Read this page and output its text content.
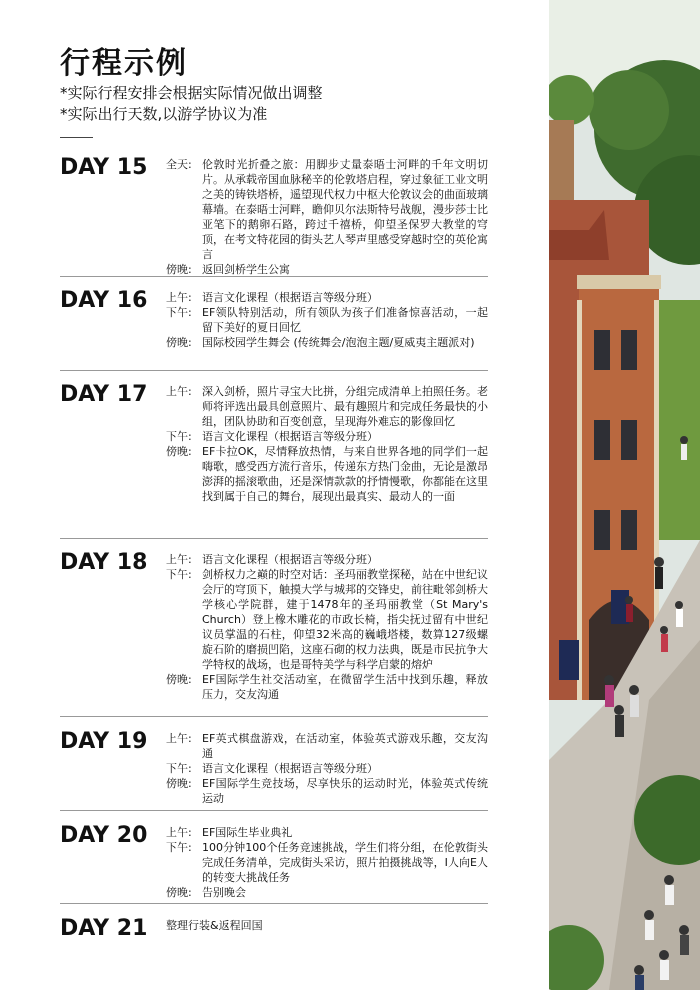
行程示例
*实际行程安排会根据实际情况做出调整
*实际出行天数,以游学协议为准
DAY 15 全天: 伦敦时光折叠之旅：用脚步丈量泰晤士河畔的千年文明切片。从承载帝国血脉秘辛的伦敦塔启程，穿过象征工业文明之美的铸铁塔桥，遥望现代权力中枢大伦敦议会的曲面玻璃幕墙。在泰晤士河畔，瞻仰贝尔法斯特号战舰，漫步莎士比亚笔下的鹅卵石路，跨过千禧桥，仰望圣保罗大教堂的穹顶，在考文特花园的街头艺人琴声里感受穿越时空的英伦寓言
傍晚: 返回剑桥学生公寓
DAY 16 上午: 语言文化课程（根据语言等级分班）
下午: EF领队特别活动，所有领队为孩子们准备惊喜活动，一起留下美好的夏日回忆
傍晚: 国际校园学生舞会 (传统舞会/泡泡主题/夏威夷主题派对)
DAY 17 上午: 深入剑桥，照片寻宝大比拼，分组完成清单上拍照任务。老师将评选出最具创意照片、最有趣照片和完成任务最快的小组，团队协助和百变创意，呈现海外难忘的影像回忆
下午: 语言文化课程（根据语言等级分班）
傍晚: EF卡拉OK，尽情释放热情，与来自世界各地的同学们一起嗨歌，感受西方流行音乐，传递东方热门金曲，无论是激昂澎湃的摇滚歌曲，还是深情款款的抒情慢歌，你都能在这里找到属于自己的舞台，展现出最真实、最动人的一面
DAY 18 上午: 语言文化课程（根据语言等级分班）
下午: 剑桥权力之巅的时空对话：圣玛丽教堂探秘，站在中世纪议会厅的穹顶下，触摸大学与城邦的交锋史，前往毗邻剑桥大学核心学院群，建于1478年的圣玛丽教堂（St Mary's Church）登上橡木雕花的市政长椅，指尖抚过留有中世纪议员掌温的石柱，仰望32米高的巍峨塔楼，数算127级螺旋石阶的磨损凹陷，这座石砌的权力法典，既是市民抗争大学特权的战场，也是哥特美学与科学启蒙的熔炉
傍晚: EF国际学生社交活动室，在微留学生活中找到乐趣，释放压力，交友沟通
DAY 19 上午: EF英式棋盘游戏，在活动室，体验英式游戏乐趣，交友沟通
下午: 语言文化课程（根据语言等级分班）
傍晚: EF国际学生竞技场，尽享快乐的运动时光，体验英式传统运动
DAY 20 上午: EF国际生毕业典礼
下午: 100分钟100个任务竞速挑战，学生们将分组，在伦敦街头完成任务清单，完成街头采访，照片拍摄挑战等，I人向E人的转变大挑战任务
傍晚: 告别晚会
DAY 21 整理行装&返程回国
